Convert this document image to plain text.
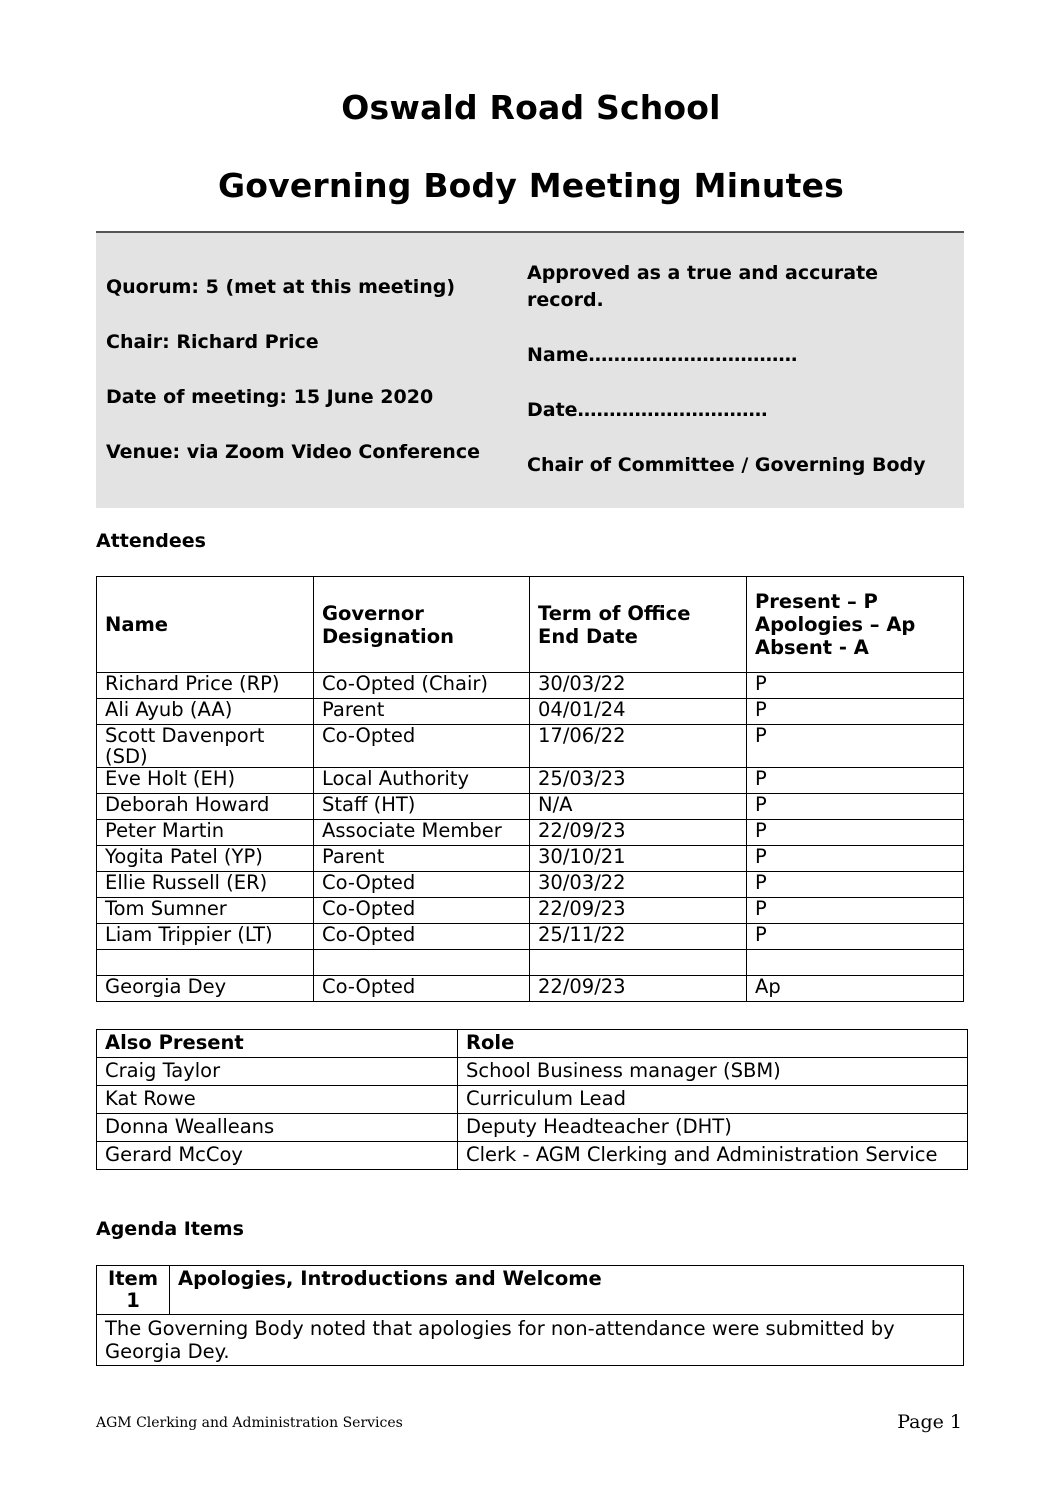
Oswald Road School
Governing Body Meeting Minutes
Quorum: 5 (met at this meeting)
Chair: Richard Price
Date of meeting: 15 June 2020
Venue: via Zoom Video Conference
Approved as a true and accurate
record.
Name……………………………
Date…………………………
Chair of Committee / Governing Body
Attendees
Name	Governor Designation	Term of Office End Date	Present – P Apologies – Ap Absent - A
Richard Price (RP)	Co-Opted (Chair)	30/03/22	P
Ali Ayub (AA)	Parent	04/01/24	P
Scott Davenport (SD)	Co-Opted	17/06/22	P
Eve Holt (EH)	Local Authority	25/03/23	P
Deborah Howard	Staff (HT)	N/A	P
Peter Martin	Associate Member	22/09/23	P
Yogita Patel (YP)	Parent	30/10/21	P
Ellie Russell (ER)	Co-Opted	30/03/22	P
Tom Sumner	Co-Opted	22/09/23	P
Liam Trippier (LT)	Co-Opted	25/11/22	P

Georgia Dey	Co-Opted	22/09/23	Ap
Also Present	Role
Craig Taylor	School Business manager (SBM)
Kat Rowe	Curriculum Lead
Donna Wealleans	Deputy Headteacher (DHT)
Gerard McCoy	Clerk - AGM Clerking and Administration Service
Agenda Items
Item 1	Apologies, Introductions and Welcome
The Governing Body noted that apologies for non-attendance were submitted by Georgia Dey.
AGM Clerking and Administration Services	Page 1
